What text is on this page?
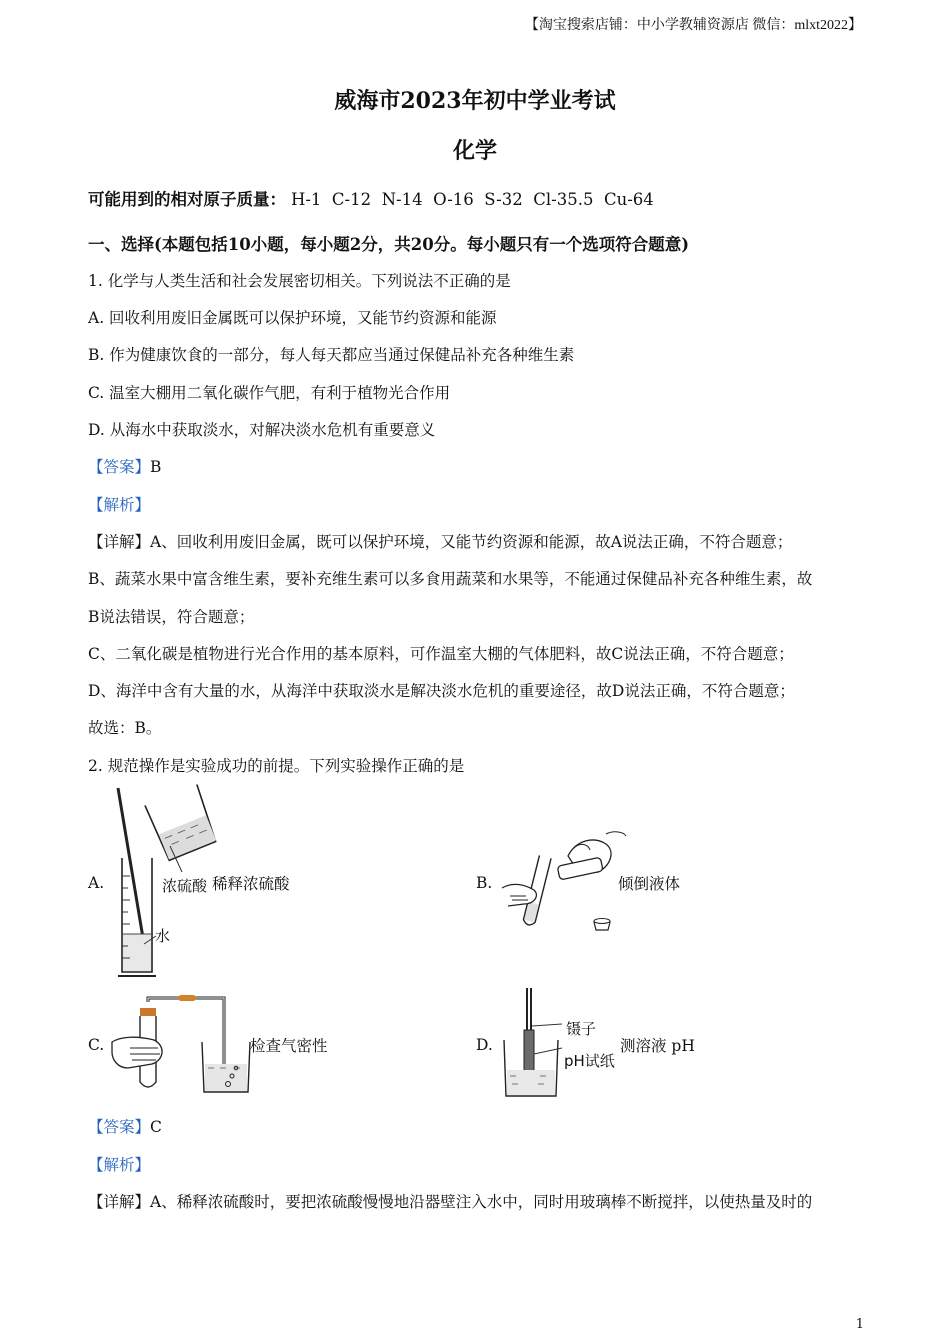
【淘宝搜索店铺：中小学教辅资源店 微信：mlxt2022】
威海市2023年初中学业考试
化学
可能用到的相对原子质量： H-1  C-12  N-14  O-16  S-32  Cl-35.5  Cu-64
一、选择(本题包括10小题，每小题2分，共20分。每小题只有一个选项符合题意)
1. 化学与人类生活和社会发展密切相关。下列说法不正确的是
A. 回收利用废旧金属既可以保护环境，又能节约资源和能源
B. 作为健康饮食的一部分，每人每天都应当通过保健品补充各种维生素
C. 温室大棚用二氧化碳作气肥，有利于植物光合作用
D. 从海水中获取淡水，对解决淡水危机有重要意义
【答案】B
【解析】
【详解】A、回收利用废旧金属，既可以保护环境，又能节约资源和能源，故A说法正确，不符合题意；
B、蔬菜水果中富含维生素，要补充维生素可以多食用蔬菜和水果等，不能通过保健品补充各种维生素，故
B说法错误，符合题意；
C、二氧化碳是植物进行光合作用的基本原料，可作温室大棚的气体肥料，故C说法正确，不符合题意；
D、海洋中含有大量的水，从海洋中获取淡水是解决淡水危机的重要途径，故D说法正确，不符合题意；
故选：B。
2. 规范操作是实验成功的前提。下列实验操作正确的是
A.	浓硫酸 稀释浓硫酸
水
B.	倾倒液体
C.	检查气密性	D.
镊子
pH试纸
测溶液 pH
【答案】C
【解析】
【详解】A、稀释浓硫酸时，要把浓硫酸慢慢地沿器壁注入水中，同时用玻璃棒不断搅拌，以使热量及时的
1
